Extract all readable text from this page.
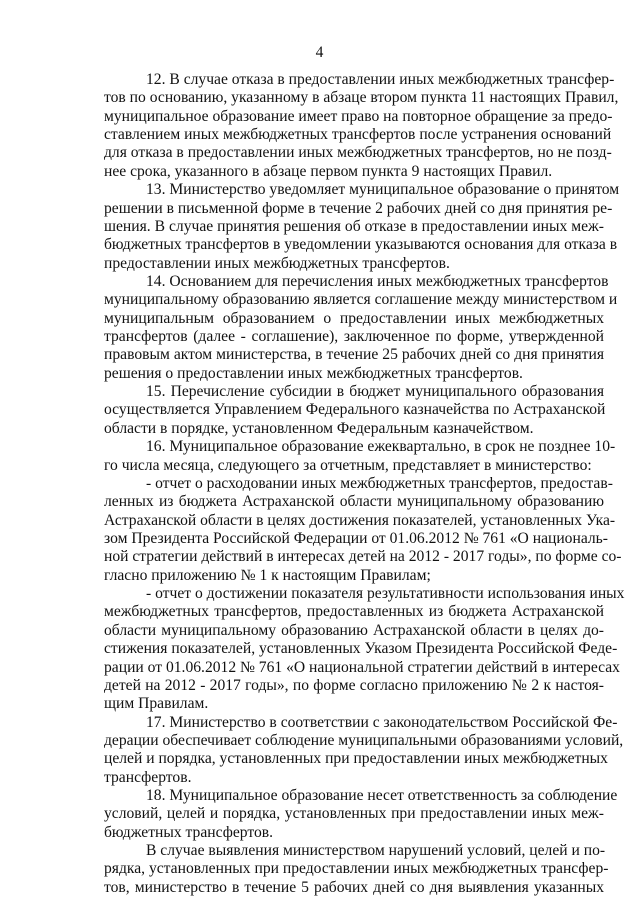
4
12. В случае отказа в предоставлении иных межбюджетных трансфер-
тов по основанию, указанному в абзаце втором пункта 11 настоящих Правил,
муниципальное образование имеет право на повторное обращение за предо-
ставлением иных межбюджетных трансфертов после устранения оснований
для отказа в предоставлении иных межбюджетных трансфертов, но не позд-
нее срока, указанного в абзаце первом пункта 9 настоящих Правил.
13. Министерство уведомляет муниципальное образование о принятом
решении в письменной форме в течение 2 рабочих дней со дня принятия ре-
шения. В случае принятия решения об отказе в предоставлении иных меж-
бюджетных трансфертов в уведомлении указываются основания для отказа в
предоставлении иных межбюджетных трансфертов.
14. Основанием для перечисления иных межбюджетных трансфертов
муниципальному образованию является соглашение между министерством и
муниципальным образованием о предоставлении иных межбюджетных
трансфертов (далее - соглашение), заключенное по форме, утвержденной
правовым актом министерства, в течение 25 рабочих дней со дня принятия
решения о предоставлении иных межбюджетных трансфертов.
15. Перечисление субсидии в бюджет муниципального образования
осуществляется Управлением Федерального казначейства по Астраханской
области в порядке, установленном Федеральным казначейством.
16. Муниципальное образование ежеквартально, в срок не позднее 10-
го числа месяца, следующего за отчетным, представляет в министерство:
- отчет о расходовании иных межбюджетных трансфертов, предостав-
ленных из бюджета Астраханской области муниципальному образованию
Астраханской области в целях достижения показателей, установленных Ука-
зом Президента Российской Федерации от 01.06.2012 № 761 «О националь-
ной стратегии действий в интересах детей на 2012 - 2017 годы», по форме со-
гласно приложению № 1 к настоящим Правилам;
- отчет о достижении показателя результативности использования иных
межбюджетных трансфертов, предоставленных из бюджета Астраханской
области муниципальному образованию Астраханской области в целях до-
стижения показателей, установленных Указом Президента Российской Феде-
рации от 01.06.2012 № 761 «О национальной стратегии действий в интересах
детей на 2012 - 2017 годы», по форме согласно приложению № 2 к настоя-
щим Правилам.
17. Министерство в соответствии с законодательством Российской Фе-
дерации обеспечивает соблюдение муниципальными образованиями условий,
целей и порядка, установленных при предоставлении иных межбюджетных
трансфертов.
18. Муниципальное образование несет ответственность за соблюдение
условий, целей и порядка, установленных при предоставлении иных меж-
бюджетных трансфертов.
В случае выявления министерством нарушений условий, целей и по-
рядка, установленных при предоставлении иных межбюджетных трансфер-
тов, министерство в течение 5 рабочих дней со дня выявления указанных
